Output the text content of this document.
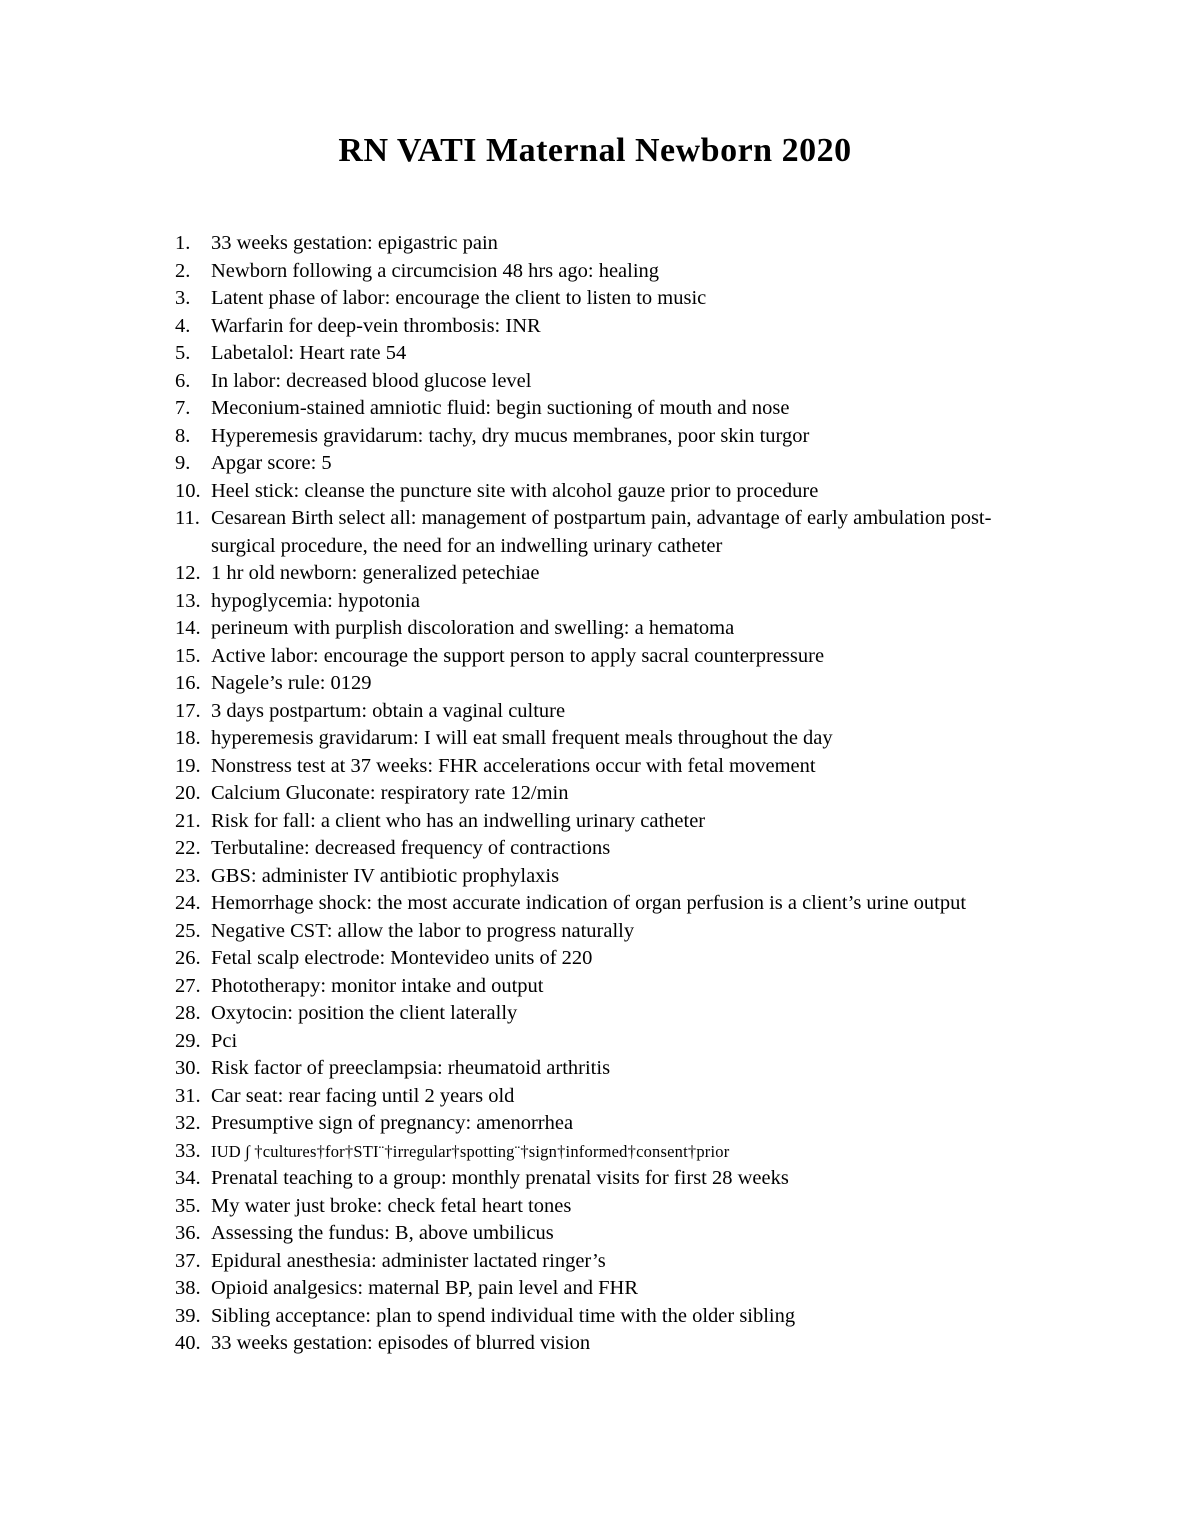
RN VATI Maternal Newborn 2020
1.	33 weeks gestation: epigastric pain
2.	Newborn following a circumcision 48 hrs ago: healing
3.	Latent phase of labor: encourage the client to listen to music
4.	Warfarin for deep-vein thrombosis: INR
5.	Labetalol: Heart rate 54
6.	In labor: decreased blood glucose level
7.	Meconium-stained amniotic fluid: begin suctioning of mouth and nose
8.	Hyperemesis gravidarum: tachy, dry mucus membranes, poor skin turgor
9.	Apgar score: 5
10. Heel stick: cleanse the puncture site with alcohol gauze prior to procedure
11. Cesarean Birth select all: management of postpartum pain, advantage of early ambulation post-surgical procedure, the need for an indwelling urinary catheter
12. 1 hr old newborn: generalized petechiae
13. hypoglycemia: hypotonia
14. perineum with purplish discoloration and swelling: a hematoma
15. Active labor: encourage the support person to apply sacral counterpressure
16. Nagele’s rule: 0129
17. 3 days postpartum: obtain a vaginal culture
18. hyperemesis gravidarum: I will eat small frequent meals throughout the day
19. Nonstress test at 37 weeks: FHR accelerations occur with fetal movement
20. Calcium Gluconate: respiratory rate 12/min
21. Risk for fall: a client who has an indwelling urinary catheter
22. Terbutaline: decreased frequency of contractions
23. GBS: administer IV antibiotic prophylaxis
24. Hemorrhage shock: the most accurate indication of organ perfusion is a client’s urine output
25. Negative CST: allow the labor to progress naturally
26. Fetal scalp electrode: Montevideo units of 220
27. Phototherapy: monitor intake and output
28. Oxytocin: position the client laterally
29. Pci
30. Risk factor of preeclampsia: rheumatoid arthritis
31. Car seat: rear facing until 2 years old
32. Presumptive sign of pregnancy: amenorrhea
33. IUD ∫ †cultures†for†STI¨†irregular†spotting¨†sign†informed†consent†prior
34. Prenatal teaching to a group: monthly prenatal visits for first 28 weeks
35. My water just broke: check fetal heart tones
36. Assessing the fundus: B, above umbilicus
37. Epidural anesthesia: administer lactated ringer’s
38. Opioid analgesics: maternal BP, pain level and FHR
39. Sibling acceptance: plan to spend individual time with the older sibling
40. 33 weeks gestation: episodes of blurred vision
